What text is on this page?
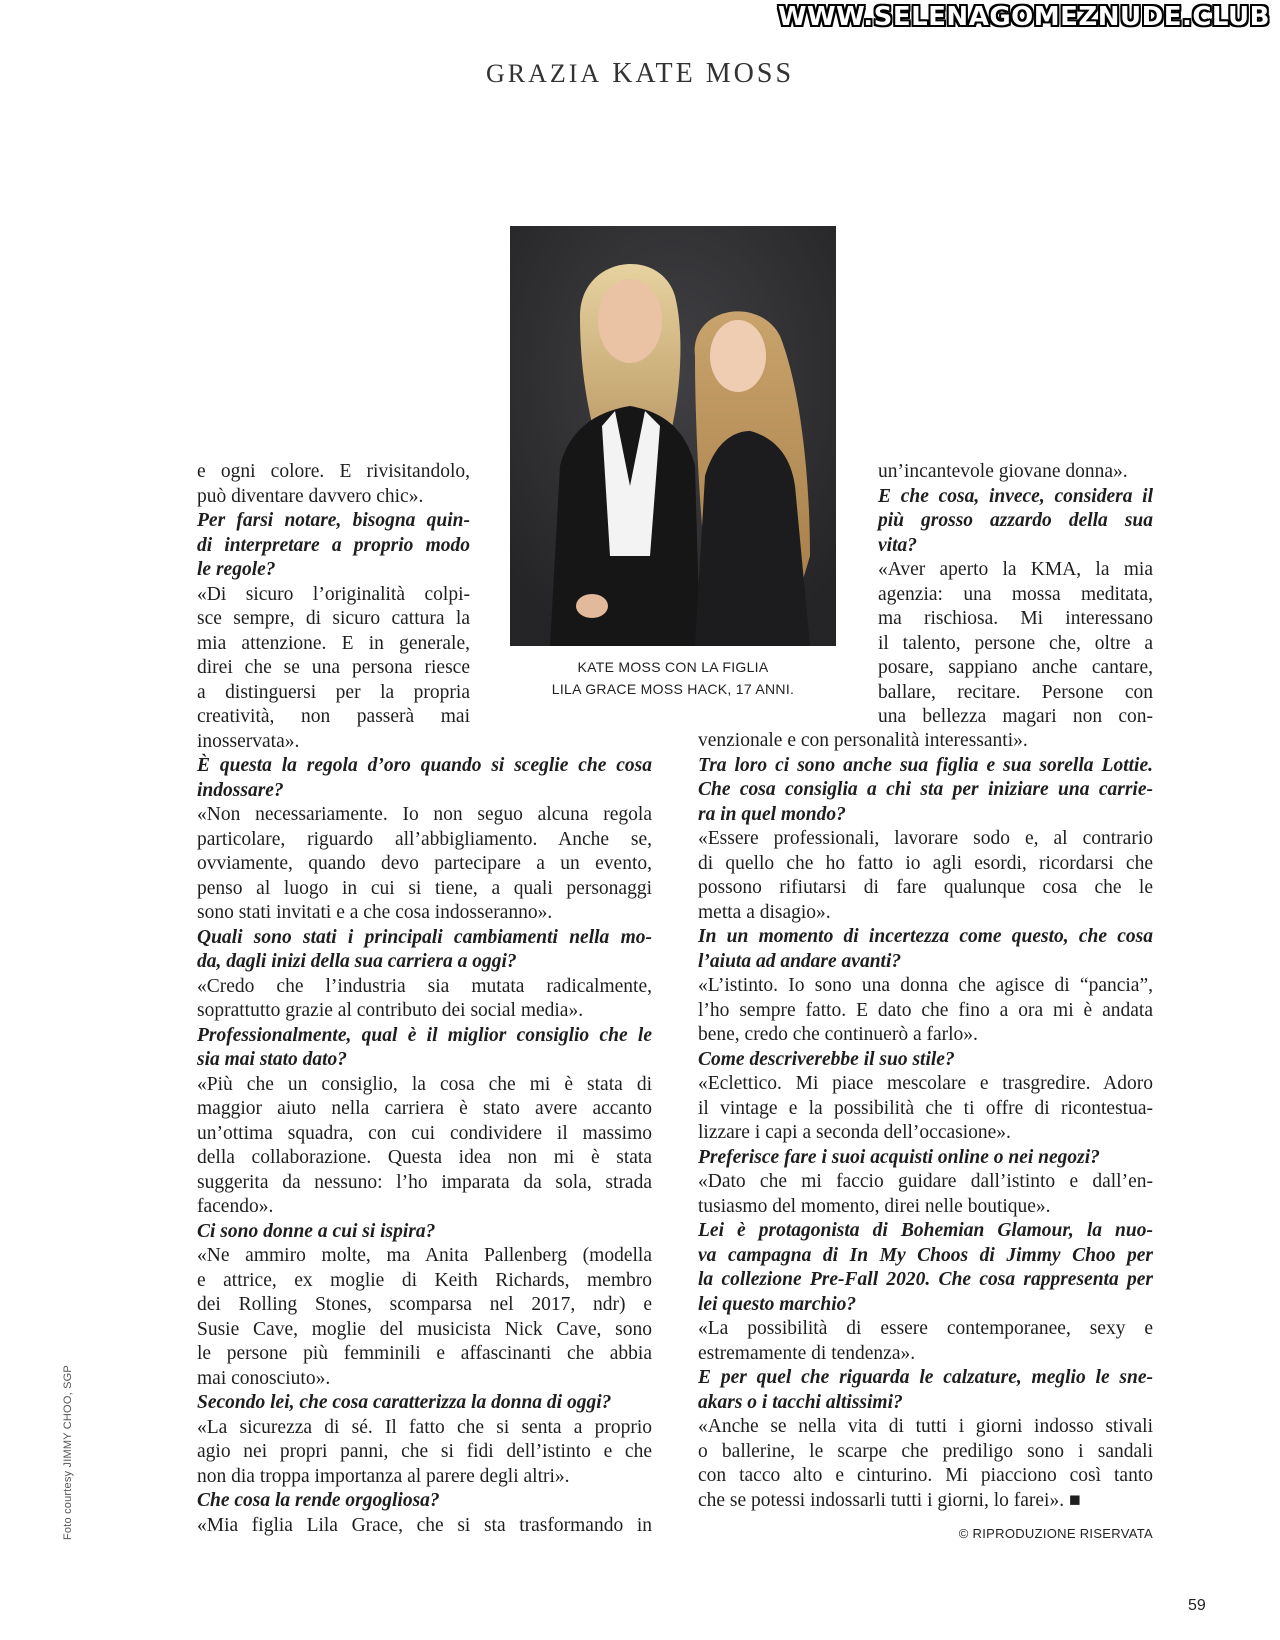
WWW.SELENAGOMEZNUDE.CLUB
GRAZIA KATE MOSS
KATE MOSS CON LA FIGLIA
LILA GRACE MOSS HACK, 17 ANNI.
e ogni colore. E rivisitandolo,
può diventare davvero chic».
Per farsi notare, bisogna quin-
di interpretare a proprio modo
le regole?
«Di sicuro l’originalità colpi-
sce sempre, di sicuro cattura la
mia attenzione. E in generale,
direi che se una persona riesce
a distinguersi per la propria
creatività, non passerà mai
inosservata».
un’incantevole giovane donna».
E che cosa, invece, considera il
più grosso azzardo della sua
vita?
«Aver aperto la KMA, la mia
agenzia: una mossa meditata,
ma rischiosa. Mi interessano
il talento, persone che, oltre a
posare, sappiano anche cantare,
ballare, recitare. Persone con
una bellezza magari non con-
È questa la regola d’oro quando si sceglie che cosa
indossare?
«Non necessariamente. Io non seguo alcuna regola
particolare, riguardo all’abbigliamento. Anche se,
ovviamente, quando devo partecipare a un evento,
penso al luogo in cui si tiene, a quali personaggi
sono stati invitati e a che cosa indosseranno».
Quali sono stati i principali cambiamenti nella mo-
da, dagli inizi della sua carriera a oggi?
«Credo che l’industria sia mutata radicalmente,
soprattutto grazie al contributo dei social media».
Professionalmente, qual è il miglior consiglio che le
sia mai stato dato?
«Più che un consiglio, la cosa che mi è stata di
maggior aiuto nella carriera è stato avere accanto
un’ottima squadra, con cui condividere il massimo
della collaborazione. Questa idea non mi è stata
suggerita da nessuno: l’ho imparata da sola, strada
facendo».
Ci sono donne a cui si ispira?
«Ne ammiro molte, ma Anita Pallenberg (modella
e attrice, ex moglie di Keith Richards, membro
dei Rolling Stones, scomparsa nel 2017, ndr) e
Susie Cave, moglie del musicista Nick Cave, sono
le persone più femminili e affascinanti che abbia
mai conosciuto».
Secondo lei, che cosa caratterizza la donna di oggi?
«La sicurezza di sé. Il fatto che si senta a proprio
agio nei propri panni, che si fidi dell’istinto e che
non dia troppa importanza al parere degli altri».
Che cosa la rende orgogliosa?
«Mia figlia Lila Grace, che si sta trasformando in
venzionale e con personalità interessanti».
Tra loro ci sono anche sua figlia e sua sorella Lottie.
Che cosa consiglia a chi sta per iniziare una carrie-
ra in quel mondo?
«Essere professionali, lavorare sodo e, al contrario
di quello che ho fatto io agli esordi, ricordarsi che
possono rifiutarsi di fare qualunque cosa che le
metta a disagio».
In un momento di incertezza come questo, che cosa
l’aiuta ad andare avanti?
«L’istinto. Io sono una donna che agisce di “pancia”,
l’ho sempre fatto. E dato che fino a ora mi è andata
bene, credo che continuerò a farlo».
Come descriverebbe il suo stile?
«Eclettico. Mi piace mescolare e trasgredire. Adoro
il vintage e la possibilità che ti offre di ricontestua-
lizzare i capi a seconda dell’occasione».
Preferisce fare i suoi acquisti online o nei negozi?
«Dato che mi faccio guidare dall’istinto e dall’en-
tusiasmo del momento, direi nelle boutique».
Lei è protagonista di Bohemian Glamour, la nuo-
va campagna di In My Choos di Jimmy Choo per
la collezione Pre-Fall 2020. Che cosa rappresenta per
lei questo marchio?
«La possibilità di essere contemporanee, sexy e
estremamente di tendenza».
E per quel che riguarda le calzature, meglio le sne-
akars o i tacchi altissimi?
«Anche se nella vita di tutti i giorni indosso stivali
o ballerine, le scarpe che prediligo sono i sandali
con tacco alto e cinturino. Mi piacciono così tanto
che se potessi indossarli tutti i giorni, lo farei». ■
Foto courtesy JIMMY CHOO, SGP	© RIPRODUZIONE RISERVATA
59
